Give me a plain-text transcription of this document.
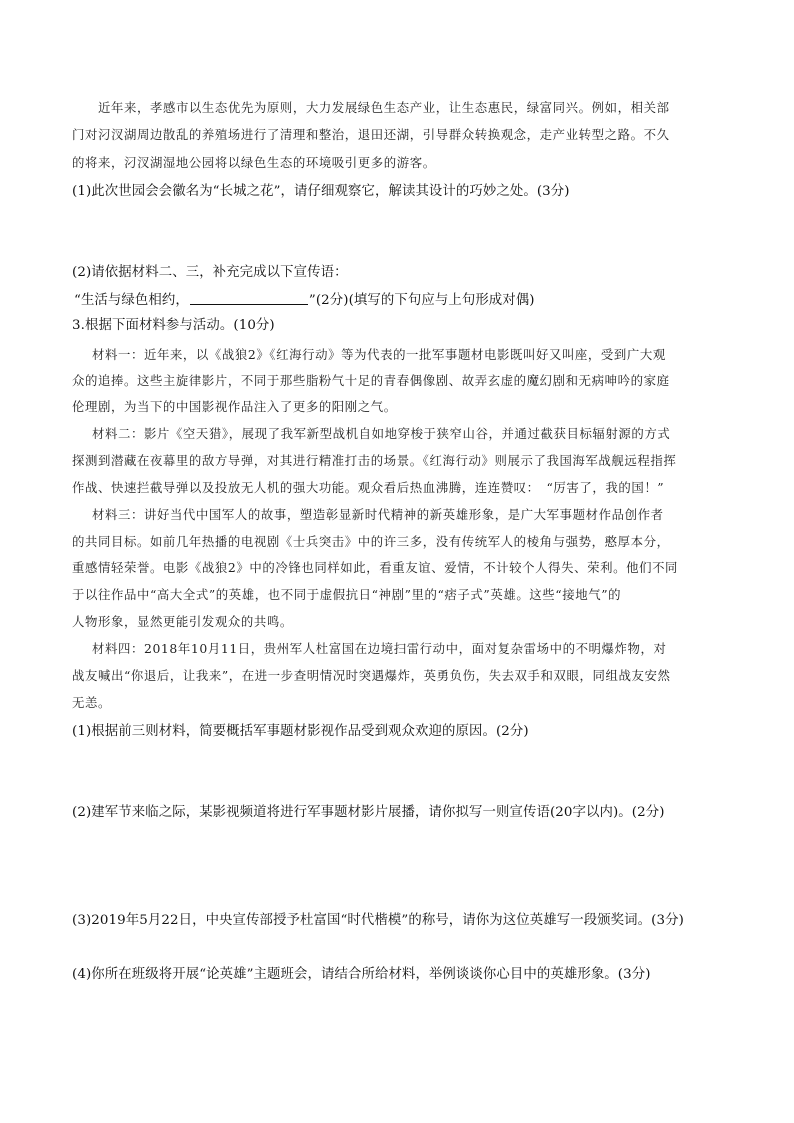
近年来，孝感市以生态优先为原则，大力发展绿色生态产业，让生态惠民，绿富同兴。例如，相关部
门对汈汊湖周边散乱的养殖场进行了清理和整治，退田还湖，引导群众转换观念，走产业转型之路。不久
的将来，汈汊湖湿地公园将以绿色生态的环境吸引更多的游客。
(1)此次世园会会徽名为“长城之花”，请仔细观察它，解读其设计的巧妙之处。(3分)
(2)请依据材料二、三，补充完成以下宣传语：
“生活与绿色相约，	”(2分)(填写的下句应与上句形成对偶)
3.根据下面材料参与活动。(10分)
材料一：近年来，以《战狼2》《红海行动》等为代表的一批军事题材电影既叫好又叫座，受到广大观
众的追捧。这些主旋律影片，不同于那些脂粉气十足的青春偶像剧、故弄玄虚的魔幻剧和无病呻吟的家庭
伦理剧，为当下的中国影视作品注入了更多的阳刚之气。
材料二：影片《空天猎》，展现了我军新型战机自如地穿梭于狭窄山谷，并通过截获目标辐射源的方式
探测到潜藏在夜幕里的敌方导弹，对其进行精准打击的场景。《红海行动》则展示了我国海军战舰远程指挥
作战、快速拦截导弹以及投放无人机的强大功能。观众看后热血沸腾，连连赞叹：　“厉害了，我的国！”
材料三：讲好当代中国军人的故事，塑造彰显新时代精神的新英雄形象，是广大军事题材作品创作者
的共同目标。如前几年热播的电视剧《士兵突击》中的许三多，没有传统军人的棱角与强势，憨厚本分，
重感情轻荣誉。电影《战狼2》中的冷锋也同样如此，看重友谊、爱情，不计较个人得失、荣利。他们不同
于以往作品中“高大全式”的英雄，也不同于虚假抗日“神剧”里的“痞子式”英雄。这些“接地气”的
人物形象，显然更能引发观众的共鸣。
材料四：2018年10月11日，贵州军人杜富国在边境扫雷行动中，面对复杂雷场中的不明爆炸物，对
战友喊出“你退后，让我来”，在进一步查明情况时突遇爆炸，英勇负伤，失去双手和双眼，同组战友安然
无恙。
(1)根据前三则材料，简要概括军事题材影视作品受到观众欢迎的原因。(2分)
(2)建军节来临之际，某影视频道将进行军事题材影片展播，请你拟写一则宣传语(20字以内)。(2分)
(3)2019年5月22日，中央宣传部授予杜富国“时代楷模”的称号，请你为这位英雄写一段颁奖词。(3分)
(4)你所在班级将开展“论英雄”主题班会，请结合所给材料，举例谈谈你心目中的英雄形象。(3分)
